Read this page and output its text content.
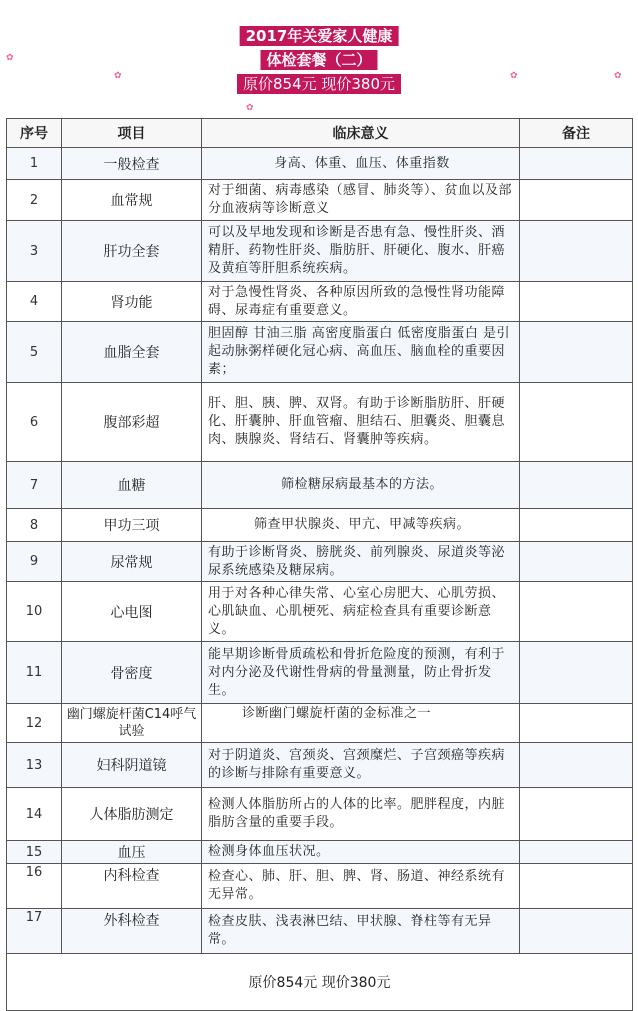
✿
✿
✿
✿	✿
2017年关爱家人健康
体检套餐（二）
原价854元 现价380元
序号	项目	临床意义	备注
1	一般检查	身高、体重、血压、体重指数	
2	血常规	对于细菌、病毒感染（感冒、肺炎等）、贫血以及部分血液病等诊断意义	
3	肝功全套	可以及早地发现和诊断是否患有急、慢性肝炎、酒精肝、药物性肝炎、脂肪肝、肝硬化、腹水、肝癌及黄疸等肝胆系统疾病。	
4	肾功能	对于急慢性肾炎、各种原因所致的急慢性肾功能障碍、尿毒症有重要意义。	
5	血脂全套	胆固醇 甘油三脂 高密度脂蛋白 低密度脂蛋白 是引起动脉粥样硬化冠心病、高血压、脑血栓的重要因素；	
6	腹部彩超	肝、胆、胰、脾、双肾。有助于诊断脂肪肝、肝硬化、肝囊肿、肝血管瘤、胆结石、胆囊炎、胆囊息肉、胰腺炎、肾结石、肾囊肿等疾病。	
7	血糖	筛检糖尿病最基本的方法。	
8	甲功三项	筛查甲状腺炎、甲亢、甲减等疾病。	
9	尿常规	有助于诊断肾炎、膀胱炎、前列腺炎、尿道炎等泌尿系统感染及糖尿病。	
10	心电图	用于对各种心律失常、心室心房肥大、心肌劳损、心肌缺血、心肌梗死、病症检查具有重要诊断意义。	
11	骨密度	能早期诊断骨质疏松和骨折危险度的预测，有利于对内分泌及代谢性骨病的骨量测量，防止骨折发生。	
12	幽门螺旋杆菌C14呼气试验	诊断幽门螺旋杆菌的金标准之一	
13	妇科阴道镜	对于阴道炎、宫颈炎、宫颈糜烂、子宫颈癌等疾病的诊断与排除有重要意义。	
14	人体脂肪测定	检测人体脂肪所占的人体的比率。肥胖程度，内脏脂肪含量的重要手段。	
15	血压	检测身体血压状况。	
16	内科检查	检查心、肺、肝、胆、脾、肾、肠道、神经系统有无异常。	
17	外科检查	检查皮肤、浅表淋巴结、甲状腺、脊柱等有无异常。	
原价854元 现价380元			
